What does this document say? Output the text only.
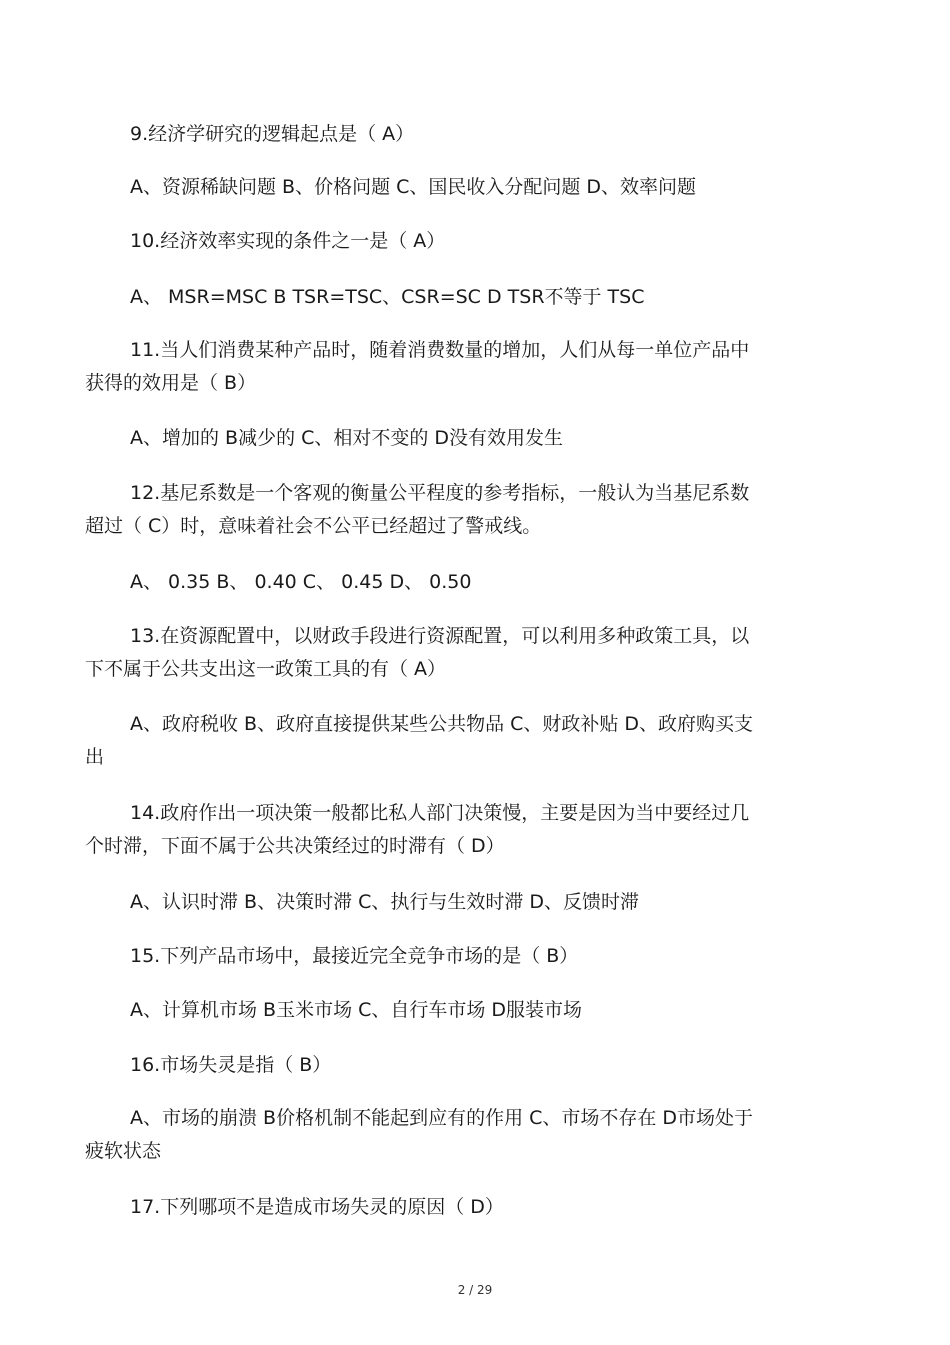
9.经济学研究的逻辑起点是（ A）
A、资源稀缺问题 B、价格问题 C、国民收入分配问题 D、效率问题
10.经济效率实现的条件之一是（ A）
A、 MSR=MSC B TSR=TSC、CSR=SC D TSR不等于 TSC
11.当人们消费某种产品时，随着消费数量的增加，人们从每一单位产品中
获得的效用是（ B）
A、增加的 B减少的 C、相对不变的 D没有效用发生
12.基尼系数是一个客观的衡量公平程度的参考指标，一般认为当基尼系数
超过（ C）时，意味着社会不公平已经超过了警戒线。
A、 0.35 B、 0.40 C、 0.45 D、 0.50
13.在资源配置中，以财政手段进行资源配置，可以利用多种政策工具，以
下不属于公共支出这一政策工具的有（ A）
A、政府税收 B、政府直接提供某些公共物品 C、财政补贴 D、政府购买支
出
14.政府作出一项决策一般都比私人部门决策慢，主要是因为当中要经过几
个时滞，下面不属于公共决策经过的时滞有（ D）
A、认识时滞 B、决策时滞 C、执行与生效时滞 D、反馈时滞
15.下列产品市场中，最接近完全竞争市场的是（ B）
A、计算机市场 B玉米市场 C、自行车市场 D服装市场
16.市场失灵是指（ B）
A、市场的崩溃 B价格机制不能起到应有的作用 C、市场不存在 D市场处于
疲软状态
17.下列哪项不是造成市场失灵的原因（ D）
2 / 29
